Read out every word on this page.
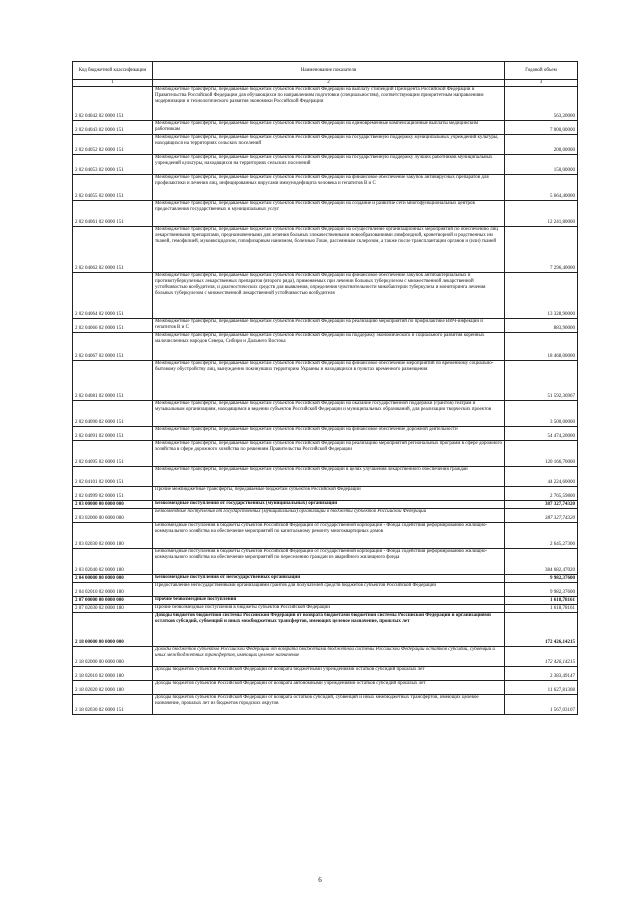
Код бюджетной классификации	Наименование показателя	Годовой объем
1	2	3
2 02 04042 02 0000 151	Межбюджетные трансферты, передаваемые бюджетам субъектов Российской Федерации на выплату стипендий Президента Российской Федерации и Правительства Российской Федерации для обучающихся по направлениям подготовки (специальностям), соответствующим приоритетным направлениям модернизации и технологического развития экономики Российской Федерации	563,20000
2 02 04043 02 0000 151	Межбюджетные трансферты, передаваемые бюджетам субъектов Российской Федерации на единовременные компенсационные выплаты медицинским работникам	7 000,00000
2 02 04052 02 0000 151	Межбюджетные трансферты, передаваемые бюджетам субъектов Российской Федерации на государственную поддержку муниципальных учреждений культуры, находящихся на территориях сельских поселений	200,00000
2 02 04053 02 0000 151	Межбюджетные трансферты, передаваемые бюджетам субъектов Российской Федерации на государственную поддержку лучших работников муниципальных учреждений культуры, находящихся на территориях сельских поселений	150,00000
2 02 04055 02 0000 151	Межбюджетные трансферты, передаваемые бюджетам субъектов Российской Федерации на финансовое обеспечение закупок антивирусных препаратов для профилактики и лечения лиц, инфицированных вирусами иммунодефицита человека и гепатитов B и C	5 664,40000
2 02 04061 02 0000 151	Межбюджетные трансферты, передаваемые бюджетам субъектов Российской Федерации на создание и развитие сети многофункциональных центров предоставления государственных и муниципальных услуг	12 241,80000
2 02 04062 02 0000 151	Межбюджетные трансферты, передаваемые бюджетам субъектов Российской Федерации на осуществление организационных мероприятий по обеспечению лиц лекарственными препаратами, предназначенными для лечения больных злокачественными новообразованиями лимфоидной, кроветворной и родственных им тканей, гемофилией, муковисцидозом, гипофизарным нанизмом, болезнью Гоше, рассеянным склерозом, а также после трансплантации органов и (или) тканей	7 296,40000
2 02 04064 02 0000 151	Межбюджетные трансферты, передаваемые бюджетам субъектов Российской Федерации на финансовое обеспечение закупок антибактериальных и противотуберкулезных лекарственных препаратов (второго ряда), применяемых при лечении больных туберкулезом с множественной лекарственной устойчивостью возбудителя, и диагностических средств для выявления, определения чувствительности микобактерии туберкулеза и мониторинга лечения больных туберкулезом с множественной лекарственной устойчивостью возбудителя	13 328,90000
2 02 04066 02 0000 151	Межбюджетные трансферты, передаваемые бюджетам субъектов Российской Федерации на реализацию мероприятий по профилактике ВИЧ-инфекции и гепатитов B и C	883,90000
2 02 04067 02 0000 151	Межбюджетные трансферты, передаваемые бюджетам субъектов Российской Федерации на поддержку экономического и социального развития коренных малочисленных народов Севера, Сибири и Дальнего Востока	18 468,00000
2 02 04081 02 0000 151	Межбюджетные трансферты, передаваемые бюджетам субъектов Российской Федерации на финансовое обеспечение мероприятий по временному социально-бытовому обустройству лиц, вынужденно покинувших территорию Украины и находящихся в пунктах временного размещения	51 592,36967
2 02 04090 02 0000 151	Межбюджетные трансферты, передаваемые бюджетам субъектов Российской Федерации на оказание государственной поддержки (грантов) театрам и музыкальным организациям, находящимся в ведении субъектов Российской Федерации и муниципальных образований, для реализации творческих проектов	3 500,00000
2 02 04091 02 0000 151	Межбюджетные трансферты, передаваемые бюджетам субъектов Российской Федерации на финансовое обеспечение дорожной деятельности	54 474,20000
2 02 04095 02 0000 151	Межбюджетные трансферты, передаваемые бюджетам субъектов Российской Федерации на реализацию мероприятий региональных программ в сфере дорожного хозяйства в сфере дорожного хозяйства по решениям Правительства Российской Федерации	120 166,70000
2 02 04101 02 0000 151	Межбюджетные трансферты, передаваемые бюджетам субъектов Российской Федерации в целях улучшения лекарственного обеспечения граждан	44 224,60000
2 02 04999 02 0000 151	Прочие межбюджетные трансферты, передаваемые бюджетам субъектов Российской Федерации	2 765,59800
2 03 00000 00 0000 000	Безвозмездные поступления от государственных (муниципальных) организаций	387 327,74320
2 03 02000 00 0000 000	Безвозмездные поступления от государственных (муниципальных) организаций в бюджеты субъектов Российской Федерации	387 327,74320
2 03 02030 02 0000 180	Безвозмездные поступления в бюджеты субъектов Российской Федерации от государственной корпорации - Фонда содействия реформированию жилищно-коммунального хозяйства на обеспечение мероприятий по капитальному ремонту многоквартирных домов	2 645,27300
2 03 02040 02 0000 180	Безвозмездные поступления в бюджеты субъектов Российской Федерации от государственной корпорации - Фонда содействия реформированию жилищно-коммунального хозяйства на обеспечение мероприятий по переселению граждан из аварийного жилищного фонда	384 682,47020
2 04 00000 00 0000 000	Безвозмездные поступления от негосударственных организаций	9 982,37600
2 04 02010 02 0000 180	Предоставление негосударственными организациями грантов для получателей средств бюджетов субъектов Российской Федерации	9 982,37600
2 07 00000 00 0000 000	Прочие безвозмездные поступления	1 618,78161
2 07 02030 02 0000 180	Прочие безвозмездные поступления в бюджеты субъектов Российской Федерации	1 618,78161
2 18 00000 00 0000 000	Доходы бюджетов бюджетной системы Российской Федерации от возврата бюджетами бюджетной системы Российской Федерации и организациями остатков субсидий, субвенций и иных межбюджетных трансфертов, имеющих целевое назначение, прошлых лет	172 426,14215
2 18 02000 00 0000 000	Доходы бюджетов субъектов Российской Федерации от возврата бюджетами бюджетной системы Российской Федерации остатков субсидий, субвенций и иных межбюджетных трансфертов, имеющих целевое назначение	172 426,14215
2 18 02010 02 0000 180	Доходы бюджетов субъектов Российской Федерации от возврата бюджетными учреждениями остатков субсидий прошлых лет	2 383,49147
2 18 02020 02 0000 180	Доходы бюджетов субъектов Российской Федерации от возврата автономными учреждениями остатков субсидий прошлых лет	11 627,81308
2 18 02030 02 0000 151	Доходы бюджетов субъектов Российской Федерации от возврата остатков субсидий, субвенций и иных межбюджетных трансфертов, имеющих целевое назначение, прошлых лет из бюджетов городских округов	1 567,03107
6
